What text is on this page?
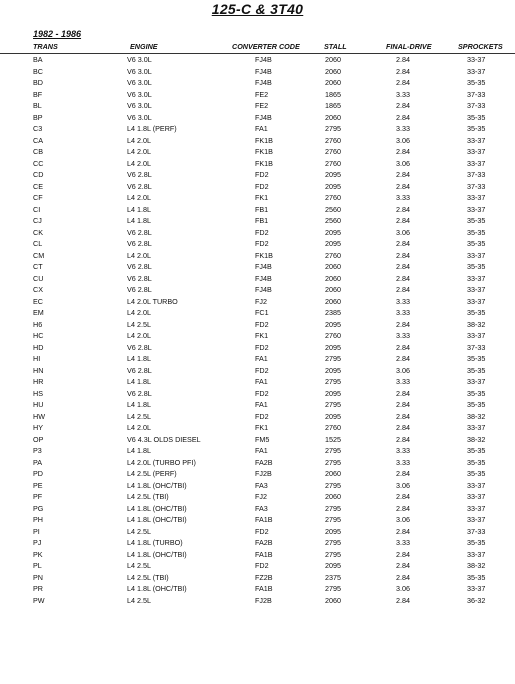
125-C & 3T40
1982 - 1986
TRANS	ENGINE	CONVERTER CODE	STALL	FINAL-DRIVE	SPROCKETS
BA	V6 3.0L	FJ4B	2060	2.84	33-37
BC	V6 3.0L	FJ4B	2060	2.84	33-37
BD	V6 3.0L	FJ4B	2060	2.84	35-35
BF	V6 3.0L	FE2	1865	3.33	37-33
BL	V6 3.0L	FE2	1865	2.84	37-33
BP	V6 3.0L	FJ4B	2060	2.84	35-35
C3	L4 1.8L (PERF)	FA1	2795	3.33	35-35
CA	L4 2.0L	FK1B	2760	3.06	33-37
CB	L4 2.0L	FK1B	2760	2.84	33-37
CC	L4 2.0L	FK1B	2760	3.06	33-37
CD	V6 2.8L	FD2	2095	2.84	37-33
CE	V6 2.8L	FD2	2095	2.84	37-33
CF	L4 2.0L	FK1	2760	3.33	33-37
CI	L4 1.8L	FB1	2560	2.84	33-37
CJ	L4 1.8L	FB1	2560	2.84	35-35
CK	V6 2.8L	FD2	2095	3.06	35-35
CL	V6 2.8L	FD2	2095	2.84	35-35
CM	L4 2.0L	FK1B	2760	2.84	33-37
CT	V6 2.8L	FJ4B	2060	2.84	35-35
CU	V6 2.8L	FJ4B	2060	2.84	33-37
CX	V6 2.8L	FJ4B	2060	2.84	33-37
EC	L4 2.0L TURBO	FJ2	2060	3.33	33-37
EM	L4 2.0L	FC1	2385	3.33	35-35
H6	L4 2.5L	FD2	2095	2.84	38-32
HC	L4 2.0L	FK1	2760	3.33	33-37
HD	V6 2.8L	FD2	2095	2.84	37-33
HI	L4 1.8L	FA1	2795	2.84	35-35
HN	V6 2.8L	FD2	2095	3.06	35-35
HR	L4 1.8L	FA1	2795	3.33	33-37
HS	V6 2.8L	FD2	2095	2.84	35-35
HU	L4 1.8L	FA1	2795	2.84	35-35
HW	L4 2.5L	FD2	2095	2.84	38-32
HY	L4 2.0L	FK1	2760	2.84	33-37
OP	V6 4.3L OLDS DIESEL	FM5	1525	2.84	38-32
P3	L4 1.8L	FA1	2795	3.33	35-35
PA	L4 2.0L (TURBO PFI)	FA2B	2795	3.33	35-35
PD	L4 2.5L (PERF)	FJ2B	2060	2.84	35-35
PE	L4 1.8L (OHC/TBI)	FA3	2795	3.06	33-37
PF	L4 2.5L (TBI)	FJ2	2060	2.84	33-37
PG	L4 1.8L (OHC/TBI)	FA3	2795	2.84	33-37
PH	L4 1.8L (OHC/TBI)	FA1B	2795	3.06	33-37
PI	L4 2.5L	FD2	2095	2.84	37-33
PJ	L4 1.8L (TURBO)	FA2B	2795	3.33	35-35
PK	L4 1.8L (OHC/TBI)	FA1B	2795	2.84	33-37
PL	L4 2.5L	FD2	2095	2.84	38-32
PN	L4 2.5L (TBI)	FZ2B	2375	2.84	35-35
PR	L4 1.8L (OHC/TBI)	FA1B	2795	3.06	33-37
PW	L4 2.5L	FJ2B	2060	2.84	36-32
